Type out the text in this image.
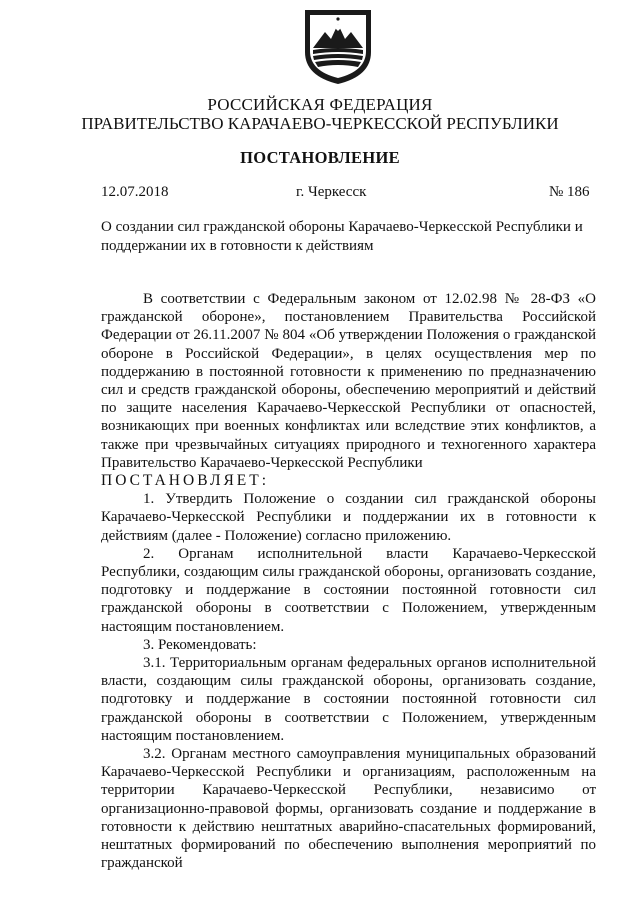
РОССИЙСКАЯ ФЕДЕРАЦИЯ
ПРАВИТЕЛЬСТВО КАРАЧАЕВО-ЧЕРКЕССКОЙ РЕСПУБЛИКИ
ПОСТАНОВЛЕНИЕ
12.07.2018	г. Черкесск	№ 186
О создании сил гражданской обороны Карачаево-Черкесской Республики и поддержании их в готовности к действиям

В соответствии с Федеральным законом от 12.02.98 № 28-ФЗ «О гражданской обороне», постановлением Правительства Российской Федерации от 26.11.2007 № 804 «Об утверждении Положения о гражданской обороне в Российской Федерации», в целях осуществления мер по поддержанию в постоянной готовности к применению по предназначению сил и средств гражданской обороны, обеспечению мероприятий и действий по защите населения Карачаево-Черкесской Республики от опасностей, возникающих при военных конфликтах или вследствие этих конфликтов, а также при чрезвычайных ситуациях природного и техногенного характера Правительство Карачаево-Черкесской Республики

ПОСТАНОВЛЯЕТ:

1. Утвердить Положение о создании сил гражданской обороны Карачаево-Черкесской Республики и поддержании их в готовности к действиям (далее - Положение) согласно приложению.

2. Органам исполнительной власти Карачаево-Черкесской Республики, создающим силы гражданской обороны, организовать создание, подготовку и поддержание в состоянии постоянной готовности сил гражданской обороны в соответствии с Положением, утвержденным настоящим постановлением.

3. Рекомендовать:

3.1. Территориальным органам федеральных органов исполнительной власти, создающим силы гражданской обороны, организовать создание, подготовку и поддержание в состоянии постоянной готовности сил гражданской обороны в соответствии с Положением, утвержденным настоящим постановлением.

3.2. Органам местного самоуправления муниципальных образований Карачаево-Черкесской Республики и организациям, расположенным на территории Карачаево-Черкесской Республики, независимо от организационно-правовой формы, организовать создание и поддержание в готовности к действию нештатных аварийно-спасательных формирований, нештатных формирований по обеспечению выполнения мероприятий по гражданской
